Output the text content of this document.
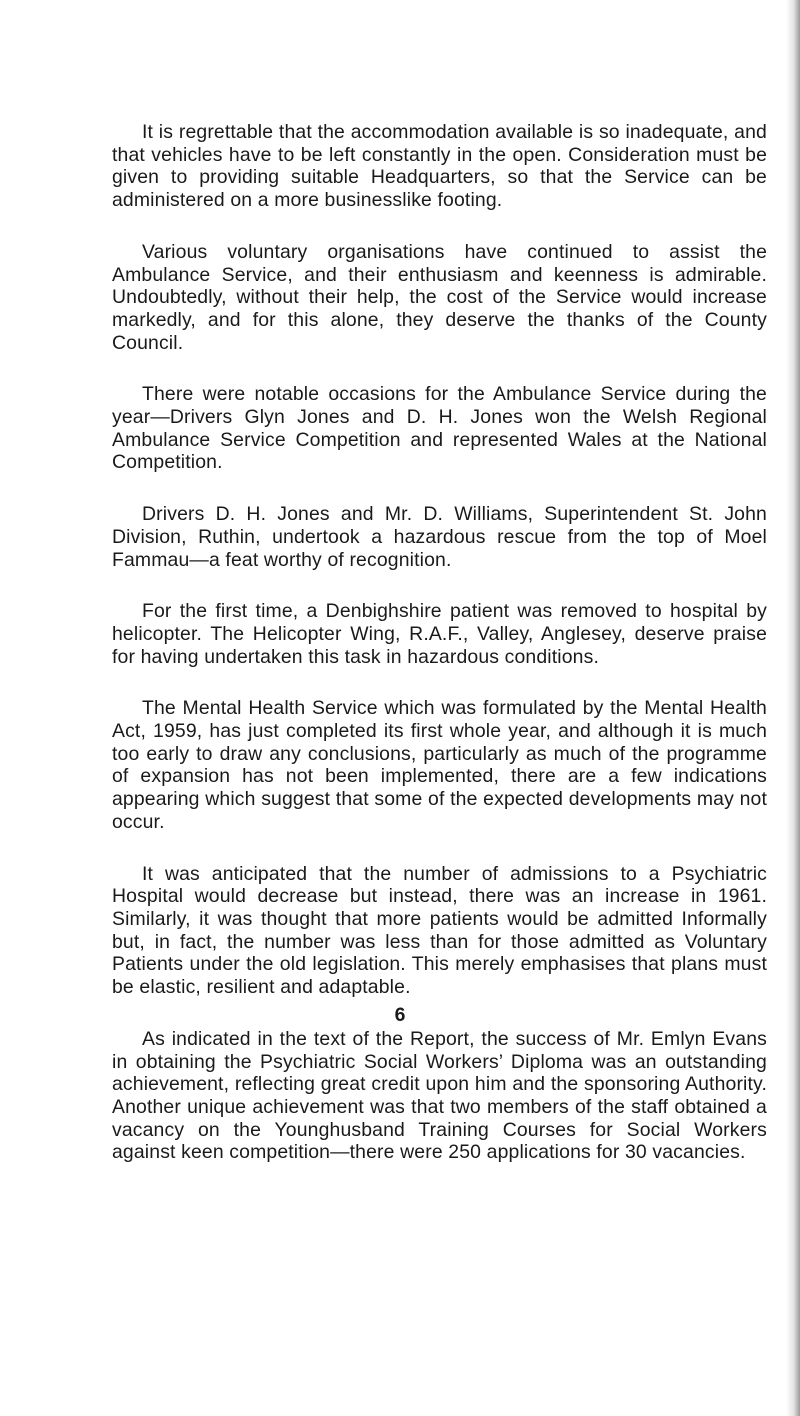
It is regrettable that the accommodation available is so inadequate, and that vehicles have to be left constantly in the open. Consideration must be given to providing suitable Headquarters, so that the Service can be administered on a more businesslike footing.

Various voluntary organisations have continued to assist the Ambulance Service, and their enthusiasm and keenness is admirable. Undoubtedly, without their help, the cost of the Service would increase markedly, and for this alone, they deserve the thanks of the County Council.

There were notable occasions for the Ambulance Service during the year—Drivers Glyn Jones and D. H. Jones won the Welsh Regional Ambulance Service Competition and represented Wales at the National Competition.

Drivers D. H. Jones and Mr. D. Williams, Superintendent St. John Division, Ruthin, undertook a hazardous rescue from the top of Moel Fammau—a feat worthy of recognition.

For the first time, a Denbighshire patient was removed to hospital by helicopter. The Helicopter Wing, R.A.F., Valley, Anglesey, deserve praise for having undertaken this task in hazardous conditions.

The Mental Health Service which was formulated by the Mental Health Act, 1959, has just completed its first whole year, and although it is much too early to draw any conclusions, particularly as much of the programme of expansion has not been implemented, there are a few indications appearing which suggest that some of the expected developments may not occur.

It was anticipated that the number of admissions to a Psychiatric Hospital would decrease but instead, there was an increase in 1961. Similarly, it was thought that more patients would be admitted Informally but, in fact, the number was less than for those admitted as Voluntary Patients under the old legislation. This merely emphasises that plans must be elastic, resilient and adaptable.

As indicated in the text of the Report, the success of Mr. Emlyn Evans in obtaining the Psychiatric Social Workers’ Diploma was an outstanding achievement, reflecting great credit upon him and the sponsoring Authority. Another unique achievement was that two members of the staff obtained a vacancy on the Younghusband Training Courses for Social Workers against keen competition—there were 250 applications for 30 vacancies.

6
